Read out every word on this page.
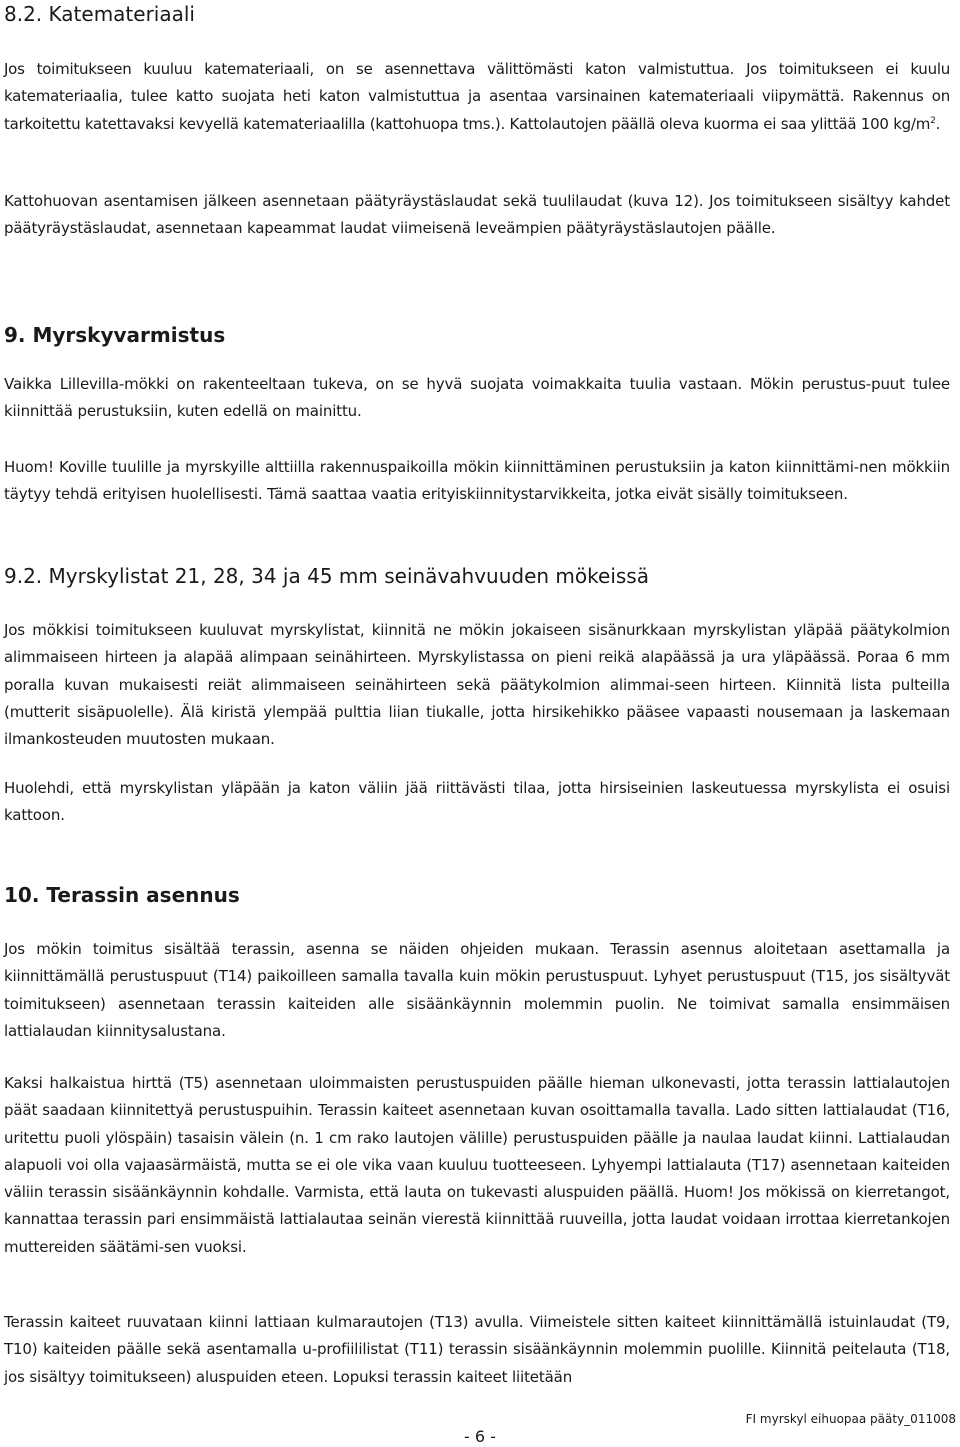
8.2. Katemateriaali

Jos toimitukseen kuuluu katemateriaali, on se asennettava välittömästi katon valmistuttua. Jos toimitukseen ei kuulu katemateriaalia, tulee katto suojata heti katon valmistuttua ja asentaa varsinainen katemateriaali viipymättä. Rakennus on tarkoitettu katettavaksi kevyellä katemateriaalilla (kattohuopa tms.). Kattolautojen päällä oleva kuorma ei saa ylittää 100 $kg/m^2$.

Kattohuovan asentamisen jälkeen asennetaan päätyräystäslaudat sekä tuulilaudat (kuva 12). Jos toimitukseen sisältyy kahdet päätyräystäslaudat, asennetaan kapeammat laudat viimeisenä leveämpien päätyräystäslautojen päälle.

9. Myrskyvarmistus

Vaikka Lillevilla-mökki on rakenteeltaan tukeva, on se hyvä suojata voimakkaita tuulia vastaan. Mökin perustus-puut tulee kiinnittää perustuksiin, kuten edellä on mainittu.

Huom! Koville tuulille ja myrskyille alttiilla rakennuspaikoilla mökin kiinnittäminen perustuksiin ja katon kiinnittämi-nen mökkiin täytyy tehdä erityisen huolellisesti. Tämä saattaa vaatia erityiskiinnitystarvikkeita, jotka eivät sisälly toimitukseen.

9.2. Myrskylistat 21, 28, 34 ja 45 mm seinävahvuuden mökeissä

Jos mökkisi toimitukseen kuuluvat myrskylistat, kiinnitä ne mökin jokaiseen sisänurkkaan myrskylistan yläpää päätykolmion alimmaiseen hirteen ja alapää alimpaan seinähirteen. Myrskylistassa on pieni reikä alapäässä ja ura yläpäässä. Poraa 6 mm poralla kuvan mukaisesti reiät alimmaiseen seinähirteen sekä päätykolmion alimmai-seen hirteen. Kiinnitä lista pulteilla (mutterit sisäpuolelle). Älä kiristä ylempää pulttia liian tiukalle, jotta hirsikehikko pääsee vapaasti nousemaan ja laskemaan ilmankosteuden muutosten mukaan.

Huolehdi, että myrskylistan yläpään ja katon väliin jää riittävästi tilaa, jotta hirsiseinien laskeutuessa myrskylista ei osuisi kattoon.

10. Terassin asennus

Jos mökin toimitus sisältää terassin, asenna se näiden ohjeiden mukaan. Terassin asennus aloitetaan asettamalla ja kiinnittämällä perustuspuut (T14) paikoilleen samalla tavalla kuin mökin perustuspuut. Lyhyet perustuspuut (T15, jos sisältyvät toimitukseen) asennetaan terassin kaiteiden alle sisäänkäynnin molemmin puolin. Ne toimivat samalla ensimmäisen lattialaudan kiinnitysalustana.

Kaksi halkaistua hirttä (T5) asennetaan uloimmaisten perustuspuiden päälle hieman ulkonevasti, jotta terassin lattialautojen päät saadaan kiinnitettyä perustuspuihin. Terassin kaiteet asennetaan kuvan osoittamalla tavalla. Lado sitten lattialaudat (T16, uritettu puoli ylöspäin) tasaisin välein (n. 1 cm rako lautojen välille) perustuspuiden päälle ja naulaa laudat kiinni. Lattialaudan alapuoli voi olla vajaasärmäistä, mutta se ei ole vika vaan kuuluu tuotteeseen. Lyhyempi lattialauta (T17) asennetaan kaiteiden väliin terassin sisäänkäynnin kohdalle. Varmista, että lauta on tukevasti aluspuiden päällä. Huom! Jos mökissä on kierretangot, kannattaa terassin pari ensimmäistä lattialautaa seinän vierestä kiinnittää ruuveilla, jotta laudat voidaan irrottaa kierretankojen muttereiden säätämi-sen vuoksi.

Terassin kaiteet ruuvataan kiinni lattiaan kulmarautojen (T13) avulla. Viimeistele sitten kaiteet kiinnittämällä istuinlaudat (T9, T10) kaiteiden päälle sekä asentamalla u-profiililistat (T11) terassin sisäänkäynnin molemmin puolille. Kiinnitä peitelauta (T18, jos sisältyy toimitukseen) aluspuiden eteen. Lopuksi terassin kaiteet liitetään

FI myrskyl eihuopaa pääty_011008
- 6 -
